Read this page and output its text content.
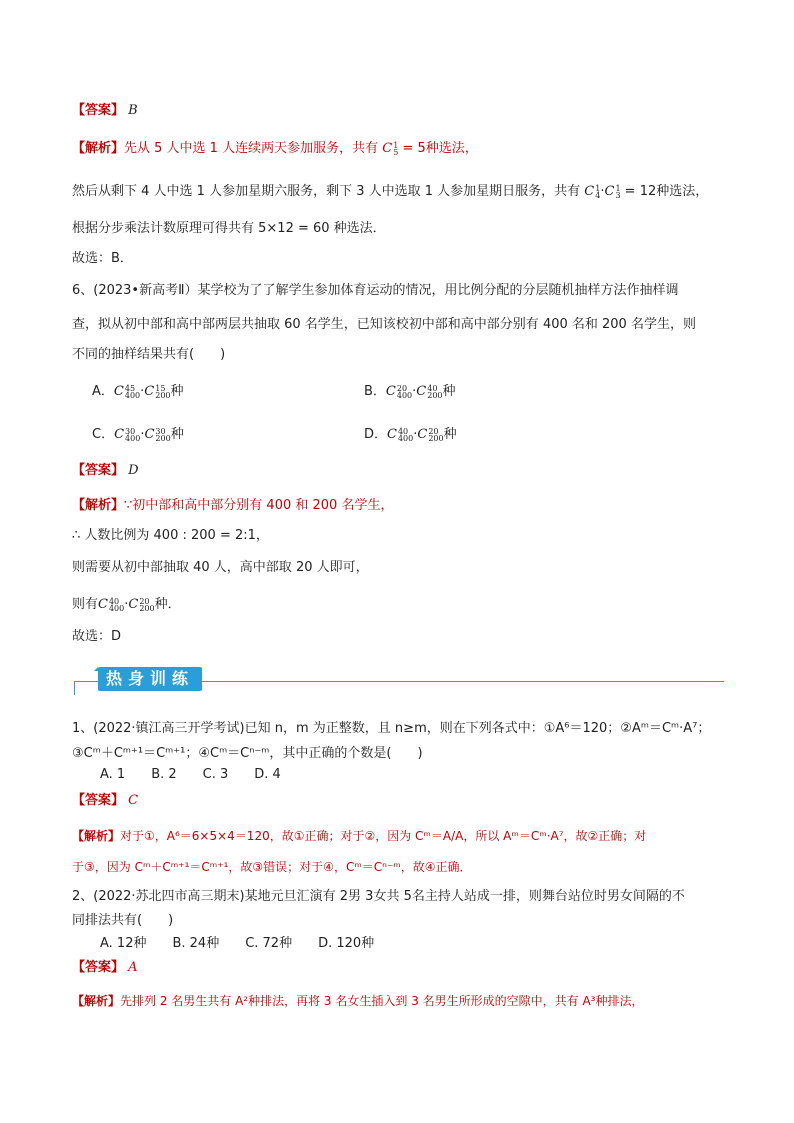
【答案】 B
【解析】先从 5 人中选 1 人连续两天参加服务，共有 C1
5 = 5种选法，
然后从剩下 4 人中选 1 人参加星期六服务，剩下 3 人中选取 1 人参加星期日服务，共有 C1
4·C1
3 = 12种选法，
根据分步乘法计数原理可得共有 5×12 = 60 种选法．
故选：B．
6、(2023•新高考Ⅱ）某学校为了了解学生参加体育运动的情况，用比例分配的分层随机抽样方法作抽样调
查，拟从初中部和高中部两层共抽取 60 名学生，已知该校初中部和高中部分别有 400 名和 200 名学生，则
不同的抽样结果共有(　　)
A．C45
400·C15
200种	B．C20
400·C40
200种
C．C30
400·C30
200种	D．C40
400·C20
200种
【答案】 D
【解析】∵初中部和高中部分别有 400 和 200 名学生，
∴ 人数比例为 400 : 200 = 2:1，
则需要从初中部抽取 40 人，高中部取 20 人即可，
则有C40
400·C20
200种．
故选：D
热身训练
1、(2022·镇江高三开学考试)已知 n，m 为正整数，且 n≥m，则在下列各式中：①A⁶＝120；②Aᵐ＝Cᵐ·A⁷；
③Cᵐ＋Cᵐ⁺¹＝Cᵐ⁺¹；④Cᵐ＝Cⁿ⁻ᵐ，其中正确的个数是(　　)
A. 1　　B. 2　　C. 3　　D. 4
【答案】 C
【解析】对于①，A⁶＝6×5×4＝120，故①正确；对于②，因为 Cᵐ＝A/A，所以 Aᵐ＝Cᵐ·A⁷，故②正确；对
于③，因为 Cᵐ＋Cᵐ⁺¹＝Cᵐ⁺¹，故③错误；对于④，Cᵐ＝Cⁿ⁻ᵐ，故④正确．
2、(2022·苏北四市高三期末)某地元旦汇演有 2男 3女共 5名主持人站成一排，则舞台站位时男女间隔的不
同排法共有(　　)
A. 12种　　B. 24种　　C. 72种　　D. 120种
【答案】 A
【解析】先排列 2 名男生共有 A²种排法，再将 3 名女生插入到 3 名男生所形成的空隙中，共有 A³种排法，
